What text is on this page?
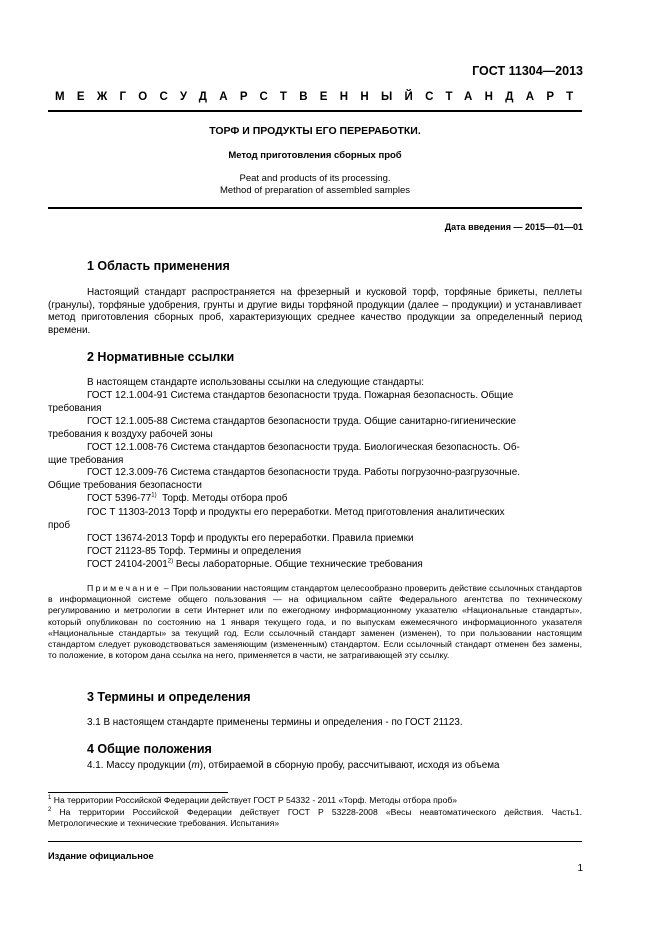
ГОСТ 11304—2013
МЕЖГОСУДАРСТВЕННЫЙ СТАНДАРТ
ТОРФ И ПРОДУКТЫ ЕГО ПЕРЕРАБОТКИ.
Метод приготовления сборных проб
Peat and products of its processing.
Method of preparation of assembled samples
Дата введения — 2015—01—01
1 Область применения
Настоящий стандарт распространяется на фрезерный и кусковой торф, торфяные брикеты, пеллеты (гранулы), торфяные удобрения, грунты и другие виды торфяной продукции (далее – продукции) и устанавливает метод приготовления сборных проб, характеризующих среднее качество продукции за определенный период времени.
2 Нормативные ссылки
В настоящем стандарте использованы ссылки на следующие стандарты:
ГОСТ 12.1.004-91 Система стандартов безопасности труда. Пожарная безопасность. Общие
требования
ГОСТ 12.1.005-88 Система стандартов безопасности труда. Общие санитарно-гигиенические
требования к воздуху рабочей зоны
ГОСТ 12.1.008-76 Система стандартов безопасности труда. Биологическая безопасность. Об-
щие требования
ГОСТ 12.3.009-76 Система стандартов безопасности труда. Работы погрузочно-разгрузочные.
Общие требования безопасности
ГОСТ 5396-77$^{1)}$  Торф. Методы отбора проб
ГОС Т 11303-2013 Торф и продукты его переработки. Метод приготовления аналитических
проб
ГОСТ 13674-2013 Торф и продукты его переработки. Правила приемки
ГОСТ 21123-85 Торф. Термины и определения
ГОСТ 24104-2001$^{2)}$ Весы лабораторные. Общие технические требования
Примечание – При пользовании настоящим стандартом целесообразно проверить действие ссылочных стандартов в информационной системе общего пользования — на официальном сайте Федерального агентства по техническому регулированию и метрологии в сети Интернет или по ежегодному информационному указателю «Национальные стандарты», который опубликован по состоянию на 1 января текущего года, и по выпускам ежемесячного информационного указателя «Национальные стандарты» за текущий год. Если ссылочный стандарт заменен (изменен), то при пользовании настоящим стандартом следует руководствоваться заменяющим (измененным) стандартом. Если ссылочный стандарт отменен без замены, то положение, в котором дана ссылка на него, применяется в части, не затрагивающей эту ссылку.
3 Термины и определения
3.1 В настоящем стандарте применены термины и определения - по ГОСТ 21123.
4 Общие положения
4.1. Массу продукции (m), отбираемой в сборную пробу, рассчитывают, исходя из объема
$^1$ На территории Российской Федерации действует ГОСТ Р 54332 - 2011 «Торф. Методы отбора проб»
$^2$ На территории Российской Федерации действует ГОСТ Р 53228-2008 «Весы неавтоматического действия. Часть1. Метрологические и технические требования. Испытания»
Издание официальное
1
